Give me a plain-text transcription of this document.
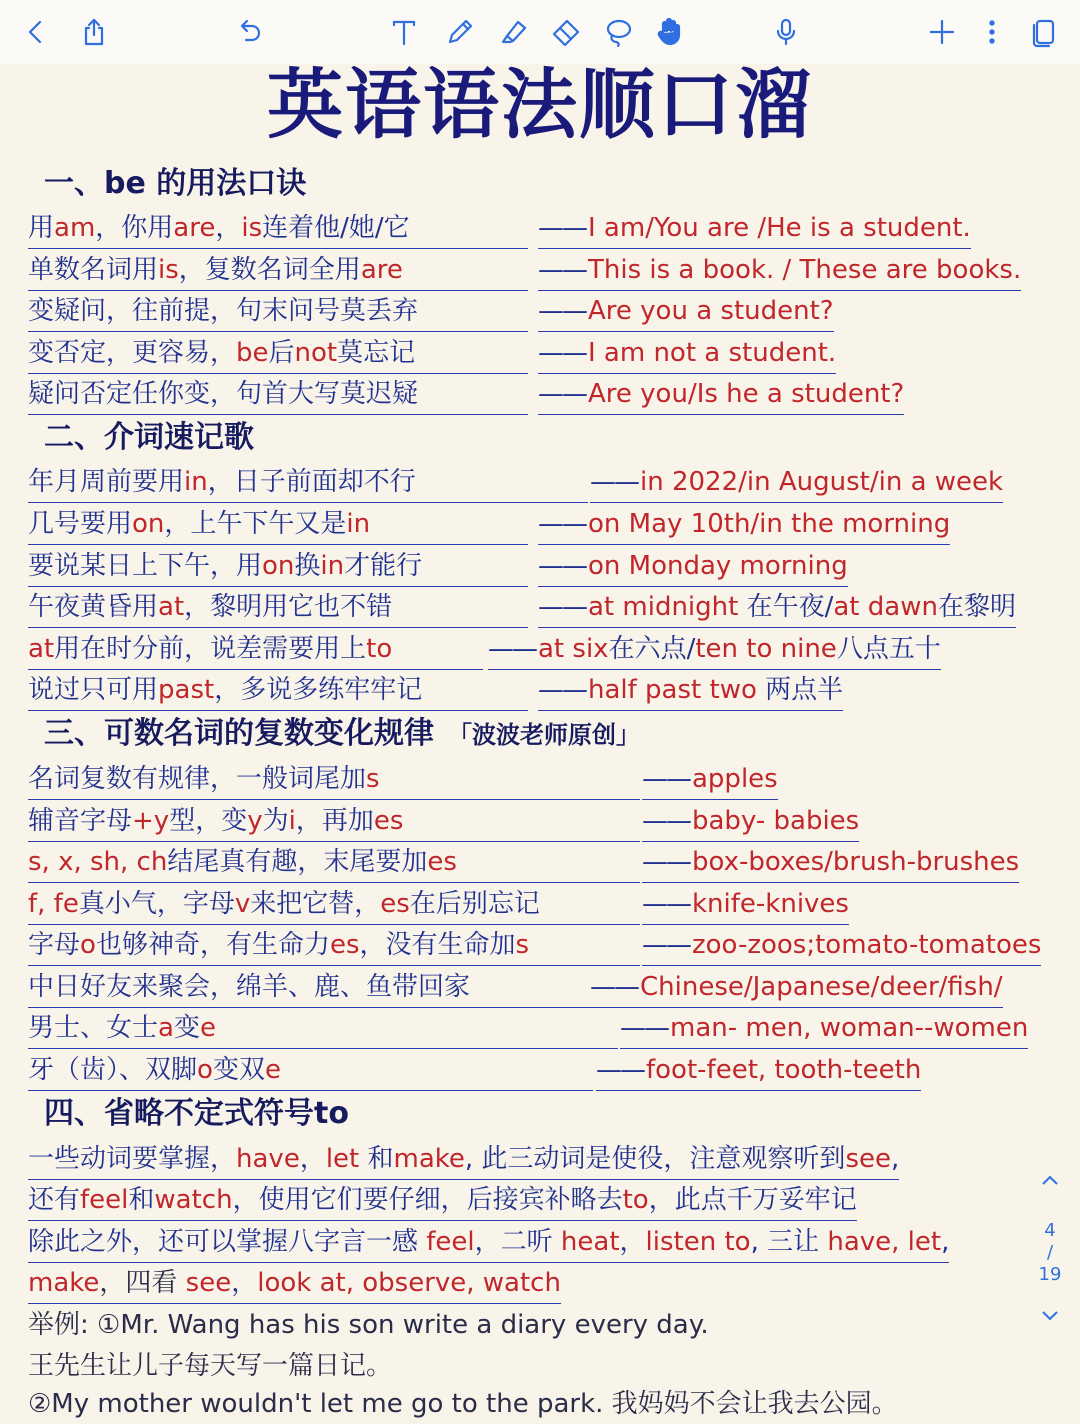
英语语法顺口溜
一、be 的用法口诀
用am，你用are，is连着他/她/它	——I am/You are /He is a student.
单数名词用is，复数名词全用are	——This is a book. / These are books.
变疑问，往前提，句末问号莫丢弃	——Are you a student?
变否定，更容易，be后not莫忘记	——I am not a student.
疑问否定任你变，句首大写莫迟疑	——Are you/Is he a student?
二、介词速记歌
年月周前要用in，日子前面却不行	——in 2022/in August/in a week
几号要用on，上午下午又是in	——on May 10th/in the morning
要说某日上下午，用on换in才能行	——on Monday morning
午夜黄昏用at，黎明用它也不错	——at midnight 在午夜/at dawn在黎明
at用在时分前，说差需要用上to	——at six在六点/ten to nine八点五十
说过只可用past，多说多练牢牢记	——half past two 两点半
三、可数名词的复数变化规律 「波波老师原创」
名词复数有规律，一般词尾加s	——apples
辅音字母+y型，变y为i，再加es	——baby- babies
s, x, sh, ch结尾真有趣，末尾要加es	——box-boxes/brush-brushes
f, fe真小气，字母v来把它替，es在后别忘记	——knife-knives
字母o也够神奇，有生命力es，没有生命加s	——zoo-zoos;tomato-tomatoes
中日好友来聚会，绵羊、鹿、鱼带回家	——Chinese/Japanese/deer/fish/
男士、女士a变e	——man- men, woman--women
牙（齿）、双脚o变双e	——foot-feet, tooth-teeth
四、省略不定式符号to
一些动词要掌握，have，let 和make, 此三动词是使役，注意观察听到see,
还有feel和watch，使用它们要仔细，后接宾补略去to，此点千万妥牢记
除此之外，还可以掌握八字言一感 feel，二听 heat，listen to, 三让 have, let,
make，四看 see，look at, observe, watch
举例: ①Mr. Wang has his son write a diary every day.
王先生让儿子每天写一篇日记。
②My mother wouldn't let me go to the park. 我妈妈不会让我去公园。
4
/
19
